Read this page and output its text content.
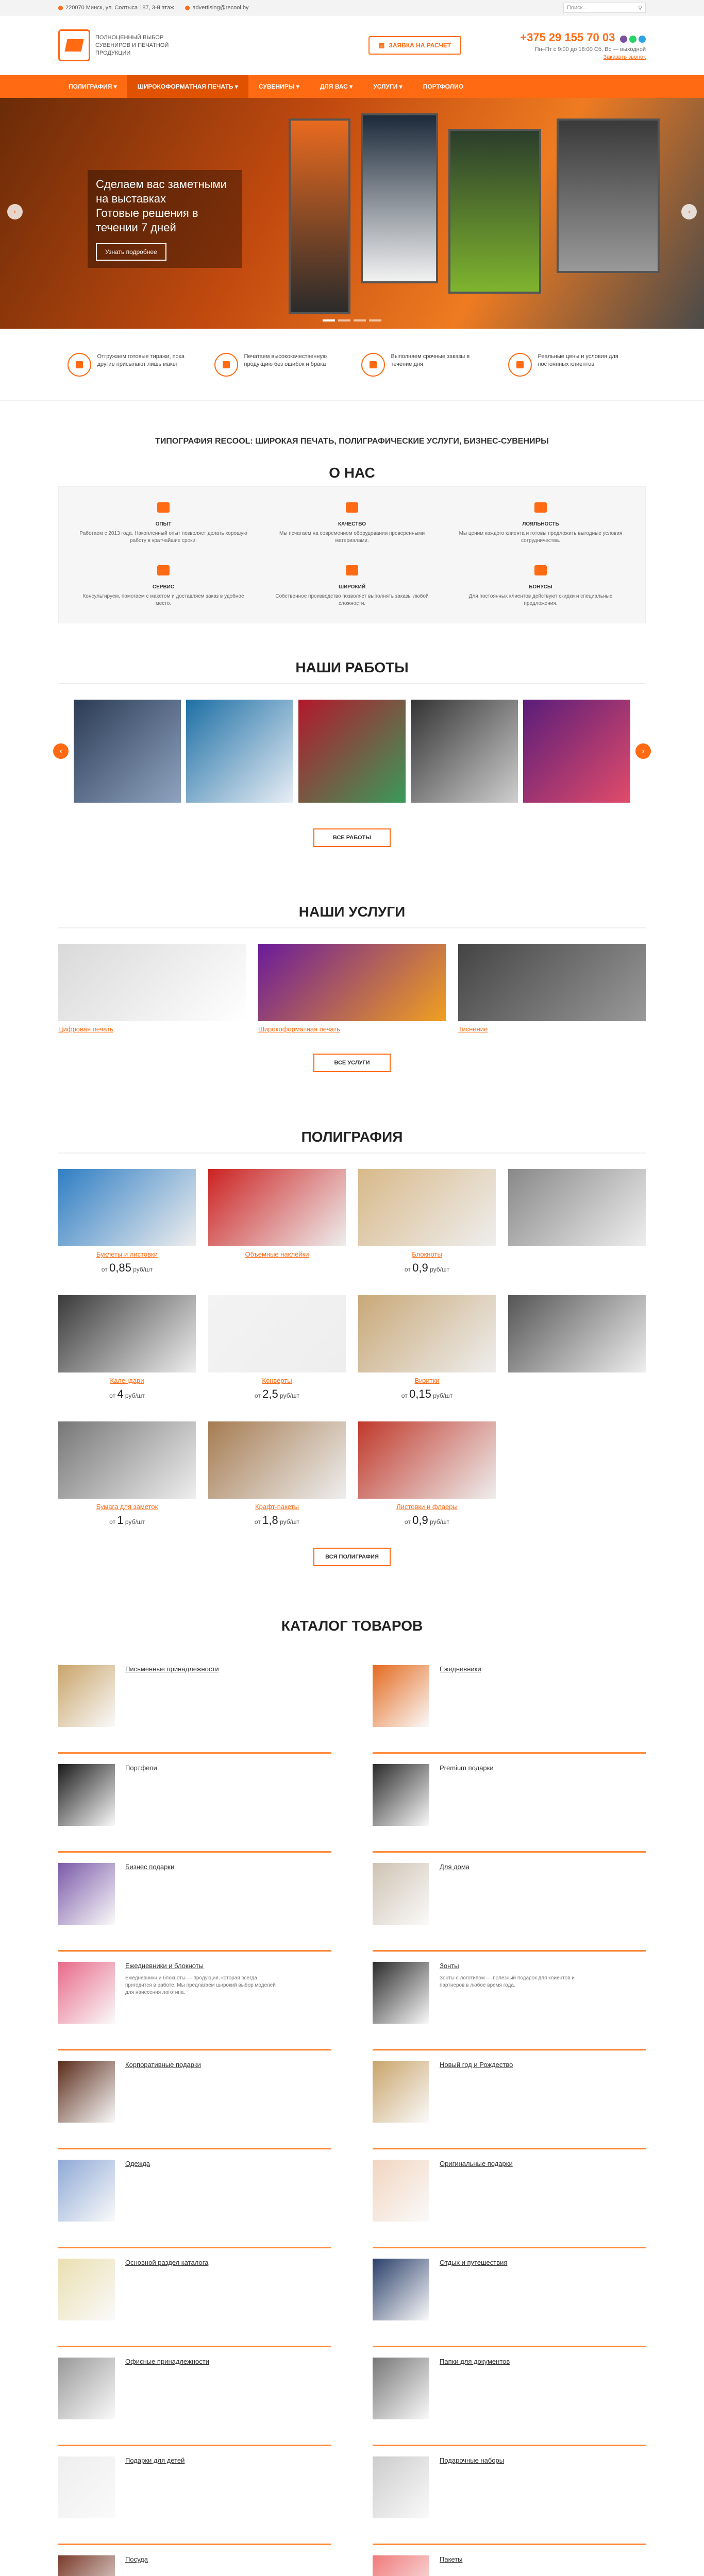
220070 Минск, ул. Солтыса 187, 3-й этаж	advertising@recool.by	Поиск...	⚲
ПОЛНОЦЕННЫЙ ВЫБОР СУВЕНИРОВ И ПЕЧАТНОЙ ПРОДУКЦИИ
▦ ЗАЯВКА НА РАСЧЕТ
+375 29 155 70 03
Пн–Пт с 9:00 до 18:00 Сб, Вс — выходной
Заказать звонок
ПОЛИГРАФИЯ ▾	ШИРОКОФОРМАТНАЯ ПЕЧАТЬ ▾	СУВЕНИРЫ ▾	ДЛЯ ВАС ▾	УСЛУГИ ▾	ПОРТФОЛИО
Сделаем вас заметными на выставках
Готовые решения в течении 7 дней
Узнать подробнее
‹	›
Отгружаем готовые тиражи, пока другие присылают лишь макет
Печатаем высококачественную продукцию без ошибок и брака
Выполняем срочные заказы в течение дня
Реальные цены и условия для постоянных клиентов
ТИПОГРАФИЯ RECOOL: ШИРОКАЯ ПЕЧАТЬ, ПОЛИГРАФИЧЕСКИЕ УСЛУГИ, БИЗНЕС-СУВЕНИРЫ
О НАС
ОПЫТ
Работаем с 2013 года. Накопленный опыт позволяет делать хорошую работу в кратчайшие сроки.
КАЧЕСТВО
Мы печатаем на современном оборудовании проверенными материалами.
ЛОЯЛЬНОСТЬ
Мы ценим каждого клиента и готовы предложить выгодные условия сотрудничества.
СЕРВИС
Консультируем, помогаем с макетом и доставляем заказ в удобное место.
ШИРОКИЙ
Собственное производство позволяет выполнять заказы любой сложности.
БОНУСЫ
Для постоянных клиентов действуют скидки и специальные предложения.
НАШИ РАБОТЫ
‹	›
ВСЕ РАБОТЫ
НАШИ УСЛУГИ
Цифровая печать	Широкоформатная печать	Тиснение
ВСЕ УСЛУГИ
ПОЛИГРАФИЯ
Буклеты и листовки
от 0,85 руб/шт
Объемные наклейки	Блокноты
от 0,9 руб/шт
Календари
от 4 руб/шт
Конверты
от 2,5 руб/шт
Визитки
от 0,15 руб/шт
Бумага для заметок
от 1 руб/шт
Крафт-пакеты
от 1,8 руб/шт
Листовки и флаеры
от 0,9 руб/шт
ВСЯ ПОЛИГРАФИЯ
КАТАЛОГ ТОВАРОВ
Письменные принадлежности	Ежедневники
Портфели	Premium подарки
Бизнес подарки	Для дома
Ежедневники и блокноты
Ежедневники и блокноты — продукция, которая всегда пригодится в работе. Мы предлагаем широкий выбор моделей для нанесения логотипа.
Зонты
Зонты с логотипом — полезный подарок для клиентов и партнеров в любое время года.
Корпоративные подарки	Новый год и Рождество
Одежда	Оригинальные подарки
Основной раздел каталога	Отдых и путешествия
Офисные принадлежности	Папки для документов
Подарки для детей	Подарочные наборы
Посуда	Пакеты
